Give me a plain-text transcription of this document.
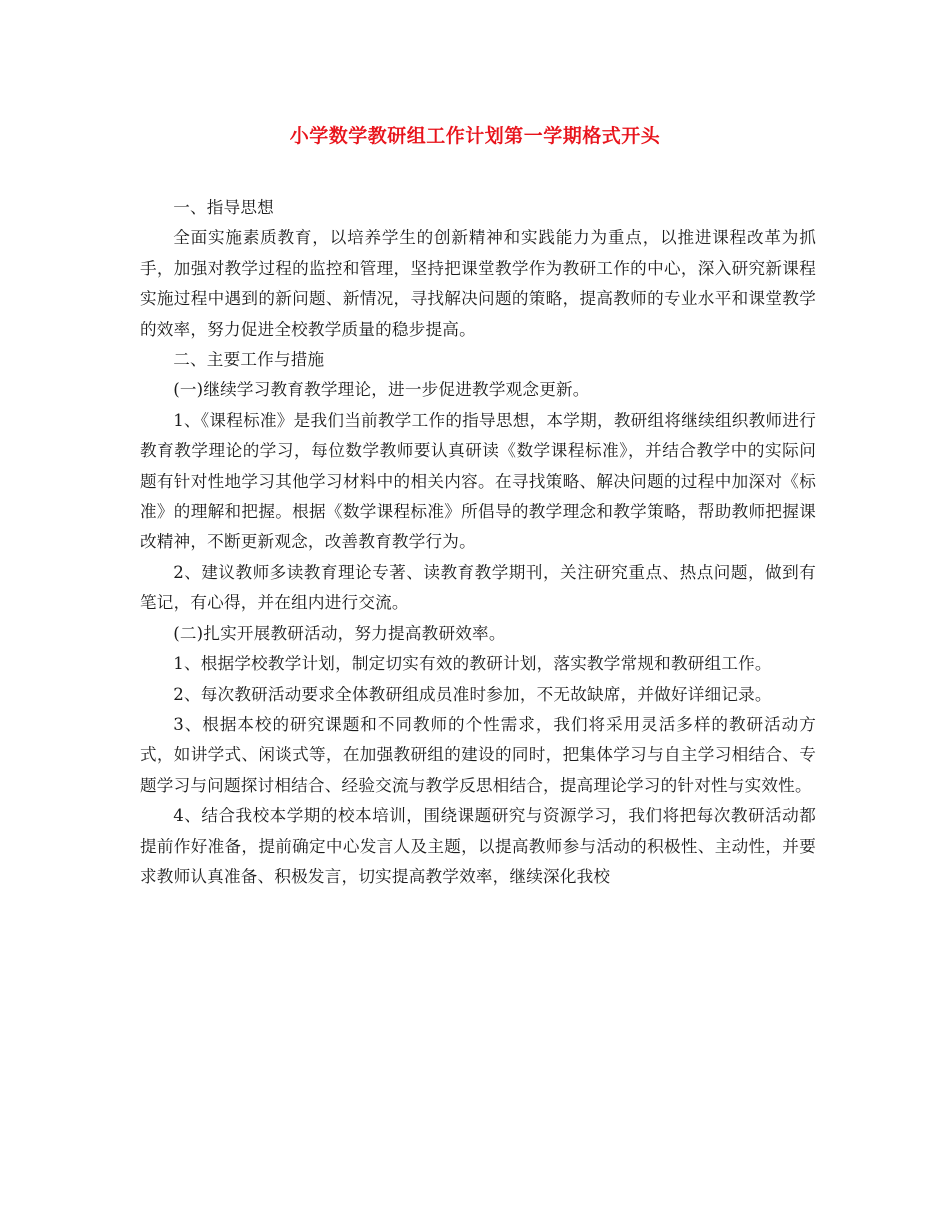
小学数学教研组工作计划第一学期格式开头

一、指导思想

全面实施素质教育，以培养学生的创新精神和实践能力为重点，以推进课程改革为抓手，加强对教学过程的监控和管理，坚持把课堂教学作为教研工作的中心，深入研究新课程实施过程中遇到的新问题、新情况，寻找解决问题的策略，提高教师的专业水平和课堂教学的效率，努力促进全校教学质量的稳步提高。

二、主要工作与措施

(一)继续学习教育教学理论，进一步促进教学观念更新。

1、《课程标准》是我们当前教学工作的指导思想，本学期，教研组将继续组织教师进行教育教学理论的学习，每位数学教师要认真研读《数学课程标准》，并结合教学中的实际问题有针对性地学习其他学习材料中的相关内容。在寻找策略、解决问题的过程中加深对《标准》的理解和把握。根据《数学课程标准》所倡导的教学理念和教学策略，帮助教师把握课改精神，不断更新观念，改善教育教学行为。

2、建议教师多读教育理论专著、读教育教学期刊，关注研究重点、热点问题，做到有笔记，有心得，并在组内进行交流。

(二)扎实开展教研活动，努力提高教研效率。

1、根据学校教学计划，制定切实有效的教研计划，落实教学常规和教研组工作。

2、每次教研活动要求全体教研组成员准时参加，不无故缺席，并做好详细记录。

3、根据本校的研究课题和不同教师的个性需求，我们将采用灵活多样的教研活动方式，如讲学式、闲谈式等，在加强教研组的建设的同时，把集体学习与自主学习相结合、专题学习与问题探讨相结合、经验交流与教学反思相结合，提高理论学习的针对性与实效性。

4、结合我校本学期的校本培训，围绕课题研究与资源学习，我们将把每次教研活动都提前作好准备，提前确定中心发言人及主题，以提高教师参与活动的积极性、主动性，并要求教师认真准备、积极发言，切实提高教学效率，继续深化我校
